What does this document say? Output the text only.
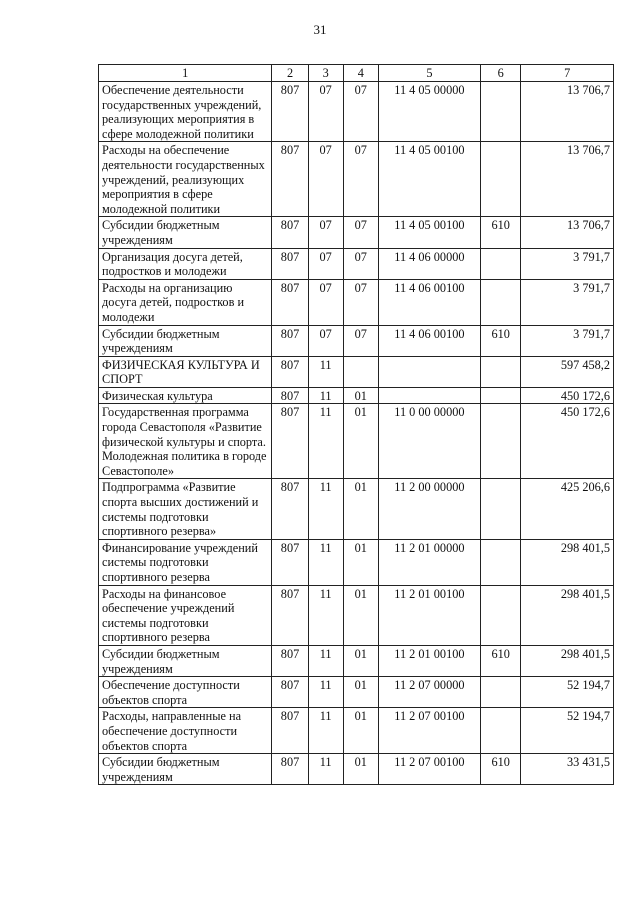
31
1	2	3	4	5	6	7
Обеспечение деятельности государственных учреждений, реализующих мероприятия в сфере молодежной политики	807	07	07	11 4 05 00000		13 706,7
Расходы на обеспечение деятельности государственных учреждений, реализующих мероприятия в сфере молодежной политики	807	07	07	11 4 05 00100		13 706,7
Субсидии бюджетным учреждениям	807	07	07	11 4 05 00100	610	13 706,7
Организация досуга детей, подростков и молодежи	807	07	07	11 4 06 00000		3 791,7
Расходы на организацию досуга детей, подростков и молодежи	807	07	07	11 4 06 00100		3 791,7
Субсидии бюджетным учреждениям	807	07	07	11 4 06 00100	610	3 791,7
ФИЗИЧЕСКАЯ КУЛЬТУРА И СПОРТ	807	11				597 458,2
Физическая культура	807	11	01			450 172,6
Государственная программа города Севастополя «Развитие физической культуры и спорта. Молодежная политика в городе Севастополе»	807	11	01	11 0 00 00000		450 172,6
Подпрограмма «Развитие спорта высших достижений и системы подготовки спортивного резерва»	807	11	01	11 2 00 00000		425 206,6
Финансирование учреждений системы подготовки спортивного резерва	807	11	01	11 2 01 00000		298 401,5
Расходы на финансовое обеспечение учреждений системы подготовки спортивного резерва	807	11	01	11 2 01 00100		298 401,5
Субсидии бюджетным учреждениям	807	11	01	11 2 01 00100	610	298 401,5
Обеспечение доступности объектов спорта	807	11	01	11 2 07 00000		52 194,7
Расходы, направленные на обеспечение доступности объектов спорта	807	11	01	11 2 07 00100		52 194,7
Субсидии бюджетным учреждениям	807	11	01	11 2 07 00100	610	33 431,5
